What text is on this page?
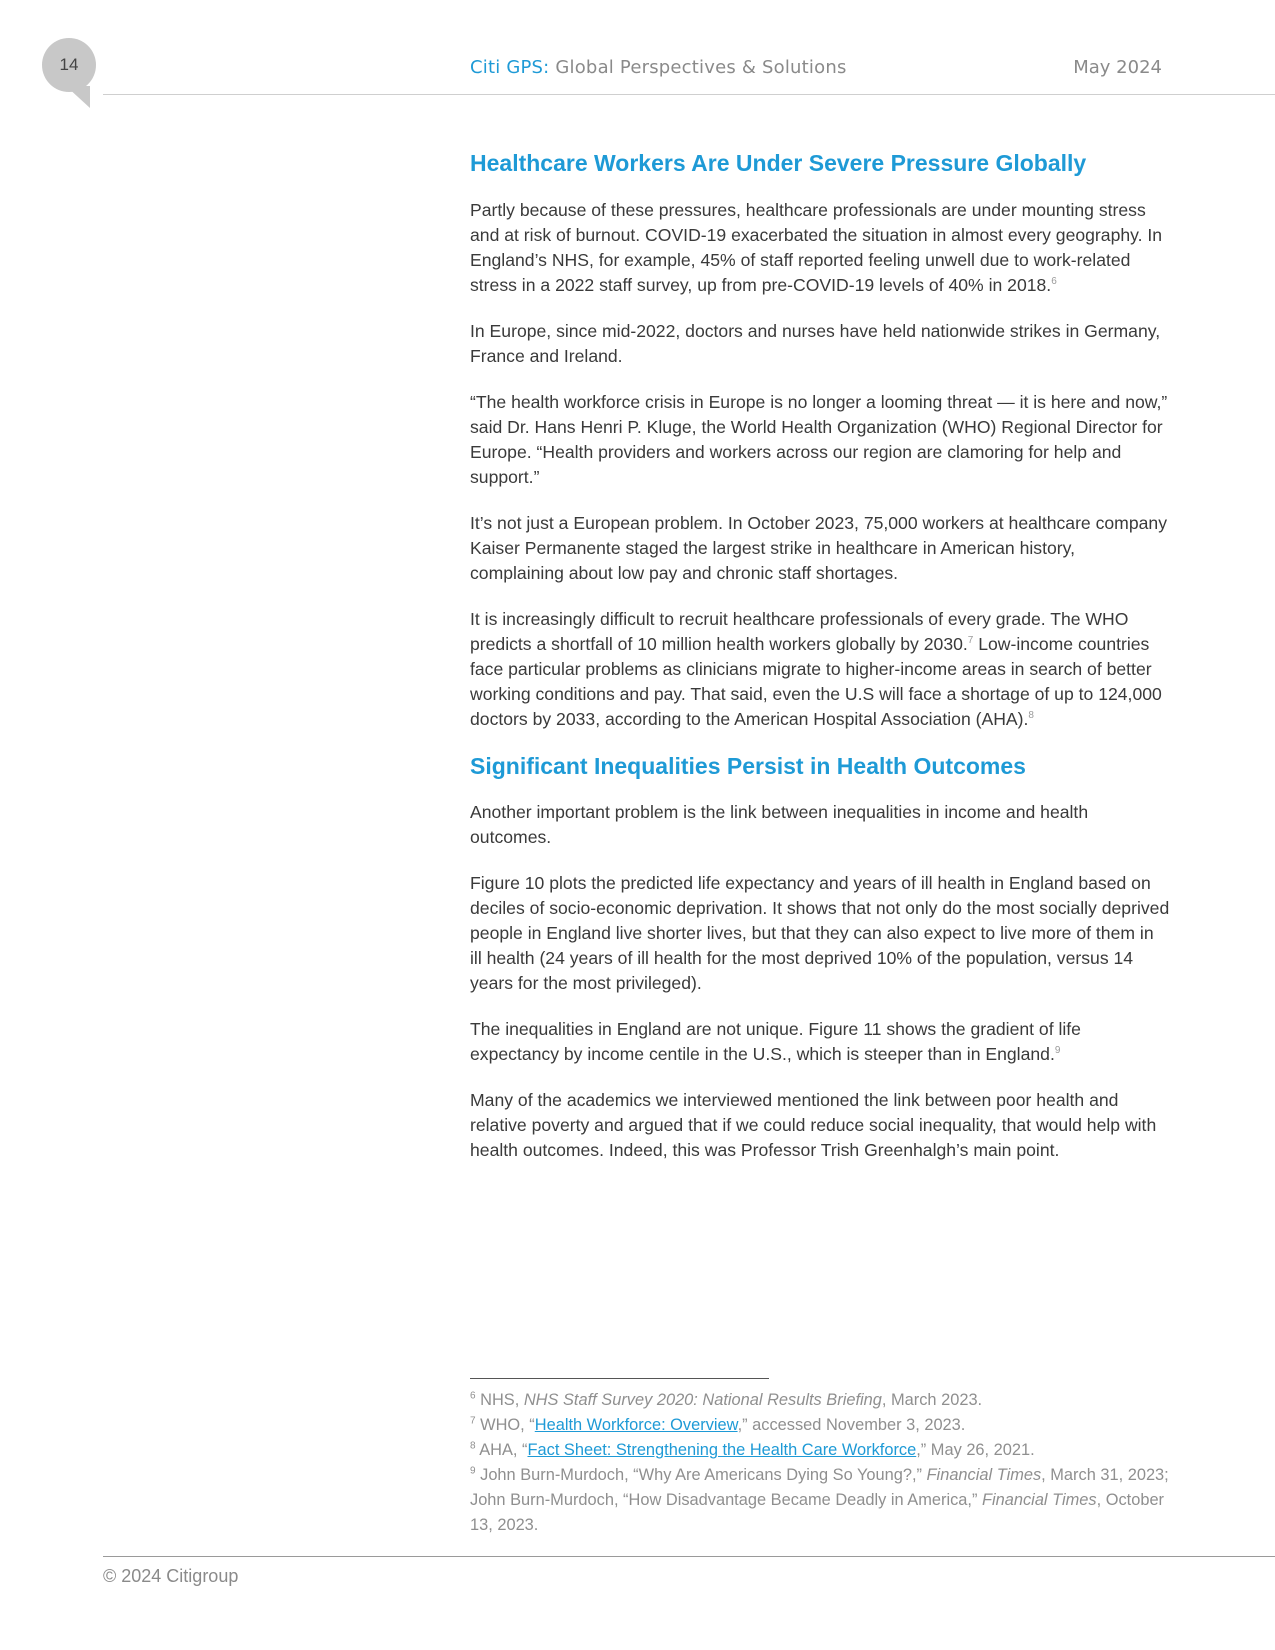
14	Citi GPS: Global Perspectives & Solutions	May 2024
Healthcare Workers Are Under Severe Pressure Globally

Partly because of these pressures, healthcare professionals are under mounting stress and at risk of burnout. COVID-19 exacerbated the situation in almost every geography. In England’s NHS, for example, 45% of staff reported feeling unwell due to work-related stress in a 2022 staff survey, up from pre-COVID-19 levels of 40% in 2018.$^6$

In Europe, since mid-2022, doctors and nurses have held nationwide strikes in Germany, France and Ireland.

“The health workforce crisis in Europe is no longer a looming threat — it is here and now,” said Dr. Hans Henri P. Kluge, the World Health Organization (WHO) Regional Director for Europe. “Health providers and workers across our region are clamoring for help and support.”

It’s not just a European problem. In October 2023, 75,000 workers at healthcare company Kaiser Permanente staged the largest strike in healthcare in American history, complaining about low pay and chronic staff shortages.

It is increasingly difficult to recruit healthcare professionals of every grade. The WHO predicts a shortfall of 10 million health workers globally by 2030.$^7$ Low-income countries face particular problems as clinicians migrate to higher-income areas in search of better working conditions and pay. That said, even the U.S will face a shortage of up to 124,000 doctors by 2033, according to the American Hospital Association (AHA).$^8$

Significant Inequalities Persist in Health Outcomes

Another important problem is the link between inequalities in income and health outcomes.

Figure 10 plots the predicted life expectancy and years of ill health in England based on deciles of socio-economic deprivation. It shows that not only do the most socially deprived people in England live shorter lives, but that they can also expect to live more of them in ill health (24 years of ill health for the most deprived 10% of the population, versus 14 years for the most privileged).

The inequalities in England are not unique. Figure 11 shows the gradient of life expectancy by income centile in the U.S., which is steeper than in England.$^9$

Many of the academics we interviewed mentioned the link between poor health and relative poverty and argued that if we could reduce social inequality, that would help with health outcomes. Indeed, this was Professor Trish Greenhalgh’s main point.

$^6$ NHS, NHS Staff Survey 2020: National Results Briefing, March 2023.
$^7$ WHO, “Health Workforce: Overview,” accessed November 3, 2023.
$^8$ AHA, “Fact Sheet: Strengthening the Health Care Workforce,” May 26, 2021.
$^9$ John Burn-Murdoch, “Why Are Americans Dying So Young?,” Financial Times, March 31, 2023; John Burn-Murdoch, “How Disadvantage Became Deadly in America,” Financial Times, October 13, 2023.
© 2024 Citigroup
